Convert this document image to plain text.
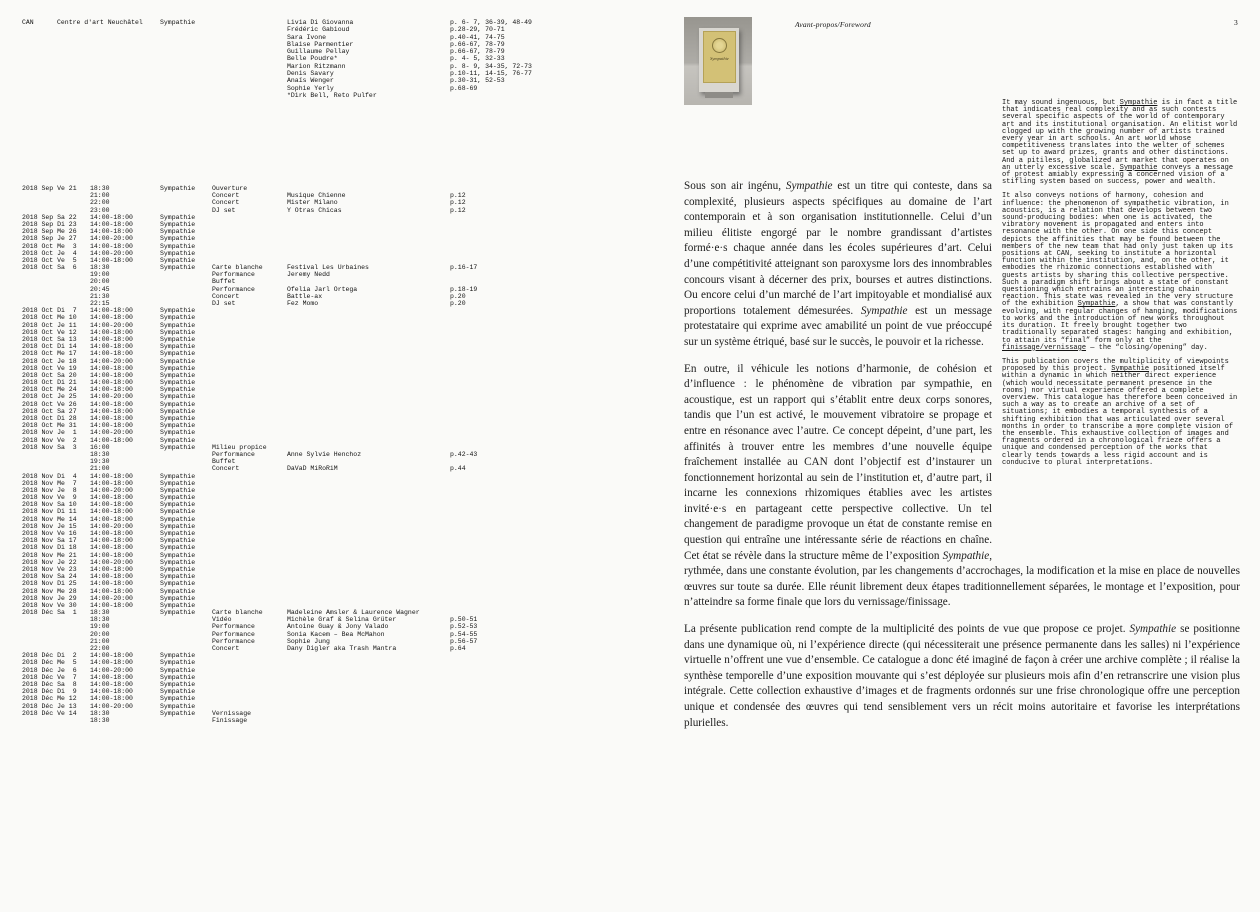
CAN	Centre d'art Neuchâtel	Sympathie	Livia Di Giovanna	p. 6- 7, 36-39, 48-49
Frédéric Gabioud	p.28-29, 70-71
Sara Ivone	p.40-41, 74-75
Blaise Parmentier	p.66-67, 78-79
Guillaume Pellay	p.66-67, 78-79
Belle Poudre*	p. 4- 5, 32-33
Marion Ritzmann	p. 8- 9, 34-35, 72-73
Denis Savary	p.10-11, 14-15, 76-77
Anaïs Wenger	p.30-31, 52-53
Sophie Yerly	p.68-69
*Dirk Bell, Reto Pulfer
2018 Sep Ve 21	18:30	Sympathie	Ouverture
21:00	Concert	Musique Chienne	p.12
22:00	Concert	Mister Milano	p.12
23:00	DJ set	Y Otras Chicas	p.12
2018 Sep Sa 22	14:00-18:00	Sympathie
2018 Sep Di 23	14:00-18:00	Sympathie
2018 Sep Me 26	14:00-18:00	Sympathie
2018 Sep Je 27	14:00-20:00	Sympathie
2018 Oct Me  3	14:00-18:00	Sympathie
2018 Oct Je  4	14:00-20:00	Sympathie
2018 Oct Ve  5	14:00-18:00	Sympathie
2018 Oct Sa  6	18:30	Sympathie	Carte blanche	Festival Les Urbaines	p.16-17
19:00	Performance	Jeremy Nedd
20:00	Buffet
20:45	Performance	Ofelia Jarl Ortega	p.18-19
21:30	Concert	Battle-ax	p.20
22:15	DJ set	Fez Momo	p.20
2018 Oct Di  7	14:00-18:00	Sympathie
2018 Oct Me 10	14:00-18:00	Sympathie
2018 Oct Je 11	14:00-20:00	Sympathie
2018 Oct Ve 12	14:00-18:00	Sympathie
2018 Oct Sa 13	14:00-18:00	Sympathie
2018 Oct Di 14	14:00-18:00	Sympathie
2018 Oct Me 17	14:00-18:00	Sympathie
2018 Oct Je 18	14:00-20:00	Sympathie
2018 Oct Ve 19	14:00-18:00	Sympathie
2018 Oct Sa 20	14:00-18:00	Sympathie
2018 Oct Di 21	14:00-18:00	Sympathie
2018 Oct Me 24	14:00-18:00	Sympathie
2018 Oct Je 25	14:00-20:00	Sympathie
2018 Oct Ve 26	14:00-18:00	Sympathie
2018 Oct Sa 27	14:00-18:00	Sympathie
2018 Oct Di 28	14:00-18:00	Sympathie
2018 Oct Me 31	14:00-18:00	Sympathie
2018 Nov Je  1	14:00-20:00	Sympathie
2018 Nov Ve  2	14:00-18:00	Sympathie
2018 Nov Sa  3	16:00	Sympathie	Milieu propice
18:30	Performance	Anne Sylvie Henchoz	p.42-43
19:30	Buffet
21:00	Concert	DaVaD MiRoRiM	p.44
2018 Nov Di  4	14:00-18:00	Sympathie
2018 Nov Me  7	14:00-18:00	Sympathie
2018 Nov Je  8	14:00-20:00	Sympathie
2018 Nov Ve  9	14:00-18:00	Sympathie
2018 Nov Sa 10	14:00-18:00	Sympathie
2018 Nov Di 11	14:00-18:00	Sympathie
2018 Nov Me 14	14:00-18:00	Sympathie
2018 Nov Je 15	14:00-20:00	Sympathie
2018 Nov Ve 16	14:00-18:00	Sympathie
2018 Nov Sa 17	14:00-18:00	Sympathie
2018 Nov Di 18	14:00-18:00	Sympathie
2018 Nov Me 21	14:00-18:00	Sympathie
2018 Nov Je 22	14:00-20:00	Sympathie
2018 Nov Ve 23	14:00-18:00	Sympathie
2018 Nov Sa 24	14:00-18:00	Sympathie
2018 Nov Di 25	14:00-18:00	Sympathie
2018 Nov Me 28	14:00-18:00	Sympathie
2018 Nov Je 29	14:00-20:00	Sympathie
2018 Nov Ve 30	14:00-18:00	Sympathie
2018 Déc Sa  1	18:30	Sympathie	Carte blanche	Madeleine Amsler & Laurence Wagner
18:30	Vidéo	Michèle Graf & Selina Grüter	p.50-51
19:00	Performance	Antoine Guay & Jony Valado	p.52-53
20:00	Performance	Sonia Kacem – Bea McMahon	p.54-55
21:00	Performance	Sophie Jung	p.56-57
22:00	Concert	Dany Digler aka Trash Mantra	p.64
2018 Déc Di  2	14:00-18:00	Sympathie
2018 Déc Me  5	14:00-18:00	Sympathie
2018 Déc Je  6	14:00-20:00	Sympathie
2018 Déc Ve  7	14:00-18:00	Sympathie
2018 Déc Sa  8	14:00-18:00	Sympathie
2018 Déc Di  9	14:00-18:00	Sympathie
2018 Déc Me 12	14:00-18:00	Sympathie
2018 Déc Je 13	14:00-20:00	Sympathie
2018 Déc Ve 14	18:30	Sympathie	Vernissage
18:30	Finissage
Sympathie
Avant-propos/Foreword	3

It may sound ingenuous, but Sympathie is in fact a title that indicates real complexity and as such contests several specific aspects of the world of contemporary art and its institutional organisation. An elitist world clogged up with the growing number of artists trained every year in art schools. An art world whose competitiveness translates into the welter of schemes set up to award prizes, grants and other distinctions. And a pitiless, globalized art market that operates on an utterly excessive scale. Sympathie conveys a message of protest amiably expressing a concerned vision of a stifling system based on success, power and wealth.

It also conveys notions of harmony, cohesion and influence: the phenomenon of sympathetic vibration, in acoustics, is a relation that develops between two sound-producing bodies: when one is activated, the vibratory movement is propagated and enters into resonance with the other. On one side this concept depicts the affinities that may be found between the members of the new team that had only just taken up its positions at CAN, seeking to institute a horizontal function within the institution, and, on the other, it embodies the rhizomic connections established with guests artists by sharing this collective perspective. Such a paradigm shift brings about a state of constant questioning which entrains an interesting chain reaction. This state was revealed in the very structure of the exhibition Sympathie, a show that was constantly evolving, with regular changes of hanging, modifications to works and the introduction of new works throughout its duration. It freely brought together two traditionally separated stages: hanging and exhibition, to attain its “final” form only at the finissage/vernissage — the “closing/opening” day.

This publication covers the multiplicity of viewpoints proposed by this project. Sympathie positioned itself within a dynamic in which neither direct experience (which would necessitate permanent presence in the rooms) nor virtual experience offered a complete overview. This catalogue has therefore been conceived in such a way as to create an archive of a set of situations; it embodies a temporal synthesis of a shifting exhibition that was articulated over several months in order to transcribe a more complete vision of the ensemble. This exhaustive collection of images and fragments ordered in a chronological frieze offers a unique and condensed perception of the works that clearly tends towards a less rigid account and is conducive to plural interpretations.

Sous son air ingénu, Sympathie est un titre qui conteste, dans sa complexité, plusieurs aspects spécifiques au domaine de l’art contemporain et à son organisation institutionnelle. Celui d’un milieu élitiste engorgé par le nombre grandissant d’artistes formé·e·s chaque année dans les écoles supérieures d’art. Celui d’une compétitivité atteignant son paroxysme lors des innombrables concours visant à décerner des prix, bourses et autres distinctions. Ou encore celui d’un marché de l’art impitoyable et mondialisé aux proportions totalement démesurées. Sympathie est un message protestataire qui exprime avec amabilité un point de vue préoccupé sur un système étriqué, basé sur le succès, le pouvoir et la richesse.

En outre, il véhicule les notions d’harmonie, de cohésion et d’influence : le phénomène de vibration par sympathie, en acoustique, est un rapport qui s’établit entre deux corps sonores, tandis que l’un est activé, le mouvement vibratoire se propage et entre en résonance avec l’autre. Ce concept dépeint, d’une part, les affinités à trouver entre les membres d’une nouvelle équipe fraîchement installée au CAN dont l’objectif est d’instaurer un fonctionnement horizontal au sein de l’institution et, d’autre part, il incarne les connexions rhizomiques établies avec les artistes invité·e·s en partageant cette perspective collective. Un tel changement de paradigme provoque un état de constante remise en question qui entraîne une intéressante série de réactions en chaîne. Cet état se révèle dans la structure même de l’exposition Sympathie, rythmée, dans une constante évolution, par les changements d’accrochages, la modification et la mise en place de nouvelles œuvres sur toute sa durée. Elle réunit librement deux étapes traditionnellement séparées, le montage et l’exposition, pour n’atteindre sa forme finale que lors du vernissage/finissage.

La présente publication rend compte de la multiplicité des points de vue que propose ce projet. Sympathie se positionne dans une dynamique où, ni l’expérience directe (qui nécessiterait une présence permanente dans les salles) ni l’expérience virtuelle n’offrent une vue d’ensemble. Ce catalogue a donc été imaginé de façon à créer une archive complète ; il réalise la synthèse temporelle d’une exposition mouvante qui s’est déployée sur plusieurs mois afin d’en retranscrire une vision plus intégrale. Cette collection exhaustive d’images et de fragments ordonnés sur une frise chronologique offre une perception unique et condensée des œuvres qui tend sensiblement vers un récit moins autoritaire et favorise les interprétations plurielles.
